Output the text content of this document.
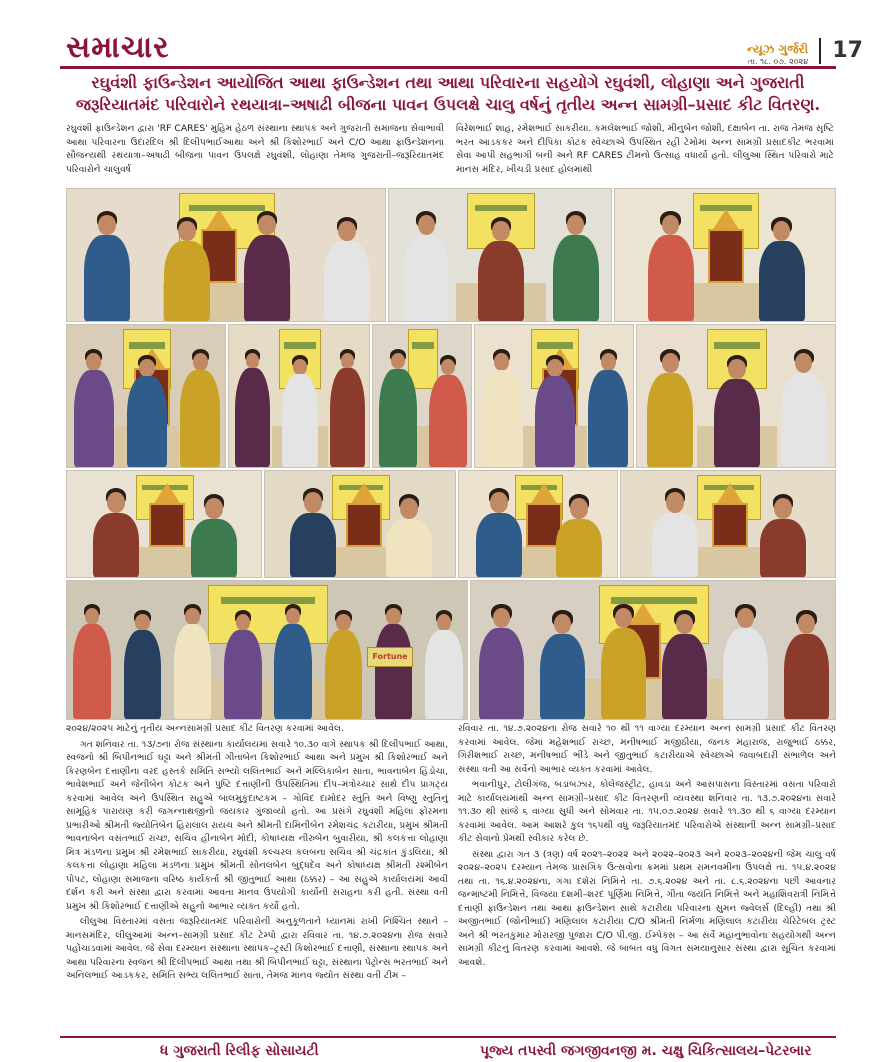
સમાચાર	ન્યૂઝ ગુર્જરી
તા. ૧૮. ૦૭. ૨૦૨૪ 17
રઘુવંશી ફાઉન્ડેશન આયોજિત આથા ફાઉન્ડેશન તથા આથા પરિવારના સહયોગે રઘુવંશી, લોહાણા અને ગુજરાતી
જરૂરિયાતમંદ પરિવારોને રથયાત્રા–અષાઢી બીજના પાવન ઉપલક્ષે ચાલુ વર્ષનું તૃતીય અન્ન સામગ્રી–પ્રસાદ કીટ વિતરણ.
રઘુવંશી ફાઉન્ડેશન દ્વારા 'RF CARES' મુહિમ હેઠળ સંસ્થાના સ્થાપક અને ગુજરાતી સમાજના સેવાભાવી આથા પરિવારના ઉદારદિલ શ્રી દિલીપભાઈઆથા અને શ્રી કિશોરભાઈ અને C/O આથા ફાઉન્ડેશનના સૌજન્યથી રથયાત્રા–અષાઢી બીજના પાવન ઉપલક્ષે રઘુવંશી, લોહાણા તેમજ ગુજરાતી–જરૂરિયાતમંદ પરિવારોને ચાલુવર્ષ
વિરેશભાઈ શાહ, રમેશભાઈ સાકરીયા. કમલેશભાઈ જોશી, મીનુબેન જોશી, દક્ષાબેન તા. રાજ તેમજ સૃષ્ટિ ભરત આડકકર અને દીપિકા કોટક સ્વેચ્છાએ ઉપસ્થિત રહી ટેમોમાં અન્ન સામગ્રી પ્રસાદકીટ ભરવામાં સેવા આપી સહભાગી બની અને RF CARES ટીમનો ઉત્સાહ વધાર્યો હતો. લીલુઆ સ્થિત પરિવારો માટે માનસ મંદિર, ખીચડી પ્રસાદ હોલમાંથી
Fortune

૨૦૨૪/૨૦૨૫ માટેનું તૃતીય અન્નસામગ્રી પ્રસાદ કીટ વિતરણ કરવામાં આવેલ.

ગત શનિવાર તા. ૧૩/૭ના રોજ સંસ્થાના કાર્યાલયમાં સવારે ૧૦.૩૦ વાગે સ્થાપક શ્રી દિલીપભાઈ આથા, સ્વજનો શ્રી બિપીનભાઈ ઘટ્ટા અને શ્રીમતી ગીતાબેન કિશોરભાઈ આથા અને પ્રમુખ શ્રી કિશોરભાઈ અને કિરણબેન દત્તાણીના વરદ હસ્તકે સમિતિ સભ્યો લલિતભાઈ અને મલ્લિકાબેન સાતા, ભાવનાબેન હિંડોચા, ભાવેશભાઈ અને જેનીબેન કોટક અને પુષ્ટિ દત્તાણીની ઉપસ્થિતિમાં દીપ–મંત્રોચ્ચાર સાથે દીપ પ્રાગટ્ય કરવામાં આવેલ અને ઉપસ્થિત સહુએ બાલમુકુંદાષ્ટકમ – ગોવિંદ દામોદર સ્તુતિ અને વિષ્ણુ સ્તુતિનું સામૂહિક પારાયણ કરી જગન્નાથજીનો જયકાર ગુંજાવ્યો હતો. આ પ્રસંગે રઘુવંશી મહિલા ફોરમના પ્રભારીઓ શ્રીમતી જ્યોતિબેન હિરાલાલ રાયચ અને શ્રીમતી દામિનીબેન રમેશચંદ્ર કટારીયા, પ્રમુખ શ્રીમતી ભાવનાબેન વસંતભાઈ રાચ્છ, સચિવ હીનાબેન મોદી, કોષાધ્યક્ષ નીરુબેન બુવારીયા, શ્રી કલકત્તા લોહાણા મિત્ર મંડળના પ્રમુખ શ્રી રમેશભાઈ સાકરીયા, રઘુવંશી કલ્ચરલ કલબના સચિવ શ્રી ચંદ્રકાંત કુંડલિયા, શ્રી કલકત્તા લોહાણા મહિલા મંડળના પ્રમુખ શ્રીમતી સોનલબેન બુદ્ધદેવ અને કોષાધ્યક્ષ શ્રીમતી રશ્મીબેન પોપટ, લોહાણા સમાજના વરિષ્ઠ કાર્યકર્તા શ્રી જીતુભાઈ આથા (ઠક્કર) – આ સહુએ કાર્યાલયમાં આવી દર્શન કરી અને સંસ્થા દ્વારા કરવામાં આવતા માનવ ઉપયોગી કાર્યોની સરાહના કરી હતી. સંસ્થા વતી પ્રમુખ શ્રી કિશોરભાઈ દત્તાણીએ સહુનો આભાર વ્યક્ત કર્યો હતો.

લીલુઆ વિસ્તારમાં વસતા જરૂરિયાતમંદ પરિવારોની અનુકૂળતાને ધ્યાનમાં રાખી નિશ્ચિત સ્થાને – માનસમંદિર, લીલુઆમાં અન્ન–સામગ્રી પ્રસાદ કીટ ટેમ્પો દ્વારા રવિવાર તા. ૧૪.૭.૨૦૨૪ના રોજ સવારે પહોંચાડવામાં આવેલ. જે સેવા દરમ્યાન સંસ્થાના સ્થાપક–ટ્રસ્ટી કિશોરભાઈ દત્તાણી, સંસ્થાના સ્થાપક અને આથા પરિવારના સ્વજન શ્રી દિલીપભાઈ આથા તથા શ્રી બિપીનભાઈ ઘટ્ટા, સંસ્થાના પેટ્રોન્સ ભરતભાઈ અને અનિલભાઈ આડકકર, સમિતિ સભ્ય લલિતભાઈ સાતા, તેમજ માનવ જ્યોત સંસ્થા વતી ટીમ –

રવિવાર તા. ૧૪.૭.૨૦૨૪ના રોજ સવારે ૧૦ થી ૧૧ વાગ્યા દરમ્યાન અન્ન સામગ્રી પ્રસાદ કીટ વિતરણ કરવામાં આવેલ. જેમાં મહેશભાઈ રાચ્છ, મનીષભાઈ મજીઠીયા, જનક મહારાજ, રાજુભાઈ ઠક્કર, ગિરીશભાઈ રાચ્છ, મનીષભાઈ ભીંડે અને જીતુભાઈ કટારીયાએ સ્વેચ્છાએ જવાબદારી સંભાળેલ અને સંસ્થા વતી આ સર્વેનો આભાર વ્યક્ત કરવામાં આવેલ.

ભવાનીપુર, ટોલીગંજ, બડાબઝાર, કોલેજસ્ટ્રીટ, હાવડા અને આસપાસના વિસ્તારમાં વસતા પરિવારો માટે કાર્યાલયમાંથી અન્ન સામગ્રી–પ્રસાદ કીટ વિતરણની વ્યવસ્થા શનિવાર તા. ૧૩.૭.૨૦૨૪ના સવારે ૧૧.૩૦ થી સાંજે ૬ વાગ્યા સુધી અને સોમવાર તા. ૧૫.૦૭.૨૦૨૪ સવારે ૧૧.૩૦ થી ૬ વાગ્યા દરમ્યાન કરવામાં આવેલ. આમ આશરે કુલ ૧૬૫થી વધુ જરૂરિયાતમંદ પરિવારોએ સંસ્થાની અન્ન સામગ્રી–પ્રસાદ કીટ સેવાનો પ્રેમથી સ્વીકાર કરેલ છે.

સંસ્થા દ્વારા ગત ૩ (ત્રણ) વર્ષ ૨૦૨૧–૨૦૨૨ અને ૨૦૨૨–૨૦૨૩ અને ૨૦૨૩–૨૦૨૪ની જેમ ચાલુ વર્ષ ૨૦૨૪–૨૦૨૫ દરમ્યાન તેમજ પ્રાસંગિક ઉત્સવોના ક્રમમાં પ્રથમ રામનવમીના ઉપલક્ષે તા. ૧૫.૪.૨૦૨૪ તથા તા. ૧૬.૪.૨૦૨૪ના, ગંગા દશેરા નિમિત્તે તા. ૭.૬.૨૦૨૪ અને તા. ૮.૬.૨૦૨૪ના પછી આવનાર જન્માષ્ટમી નિમિત્તે, વિજયા દશમી–શરદ પૂર્ણિમા નિમિત્તે, ગીતા જયંતિ નિમિત્તે અને મહાશિવરાત્રી નિમિત્તે દત્તાણી ફાઉન્ડેશન તથા આથા ફાઉન્ડેશન સાથે કટારીયા પરિવારના સુમન જ્વેલર્સ (દિલ્હી) તથા શ્રી અજીતભાઈ (જોનીભાઈ) મણિલાલ કટારીયા C/O શ્રીમતી નિર્મળા મણિલાલ કટારીયા ચેરિટેબલ ટ્રસ્ટ અને શ્રી ભરતકુમાર મોરારજી પુજારા C/O પી.જી. ઈમ્પેક્સ – આ સર્વે મહાનુભાવોના સહયોગથી અન્ન સામગ્રી કીટનું વિતરણ કરવામાં આવશે. જે બાબત વધુ વિગત સમયાનુસાર સંસ્થા દ્વારા સૂચિત કરવામાં આવશે.

ધ ગુજરાતી રિલીફ સોસાયટી	પૂજ્ય તપસ્વી જગજીવનજી મ. ચક્ષુ ચિકિત્સાલય–પેટરબાર
